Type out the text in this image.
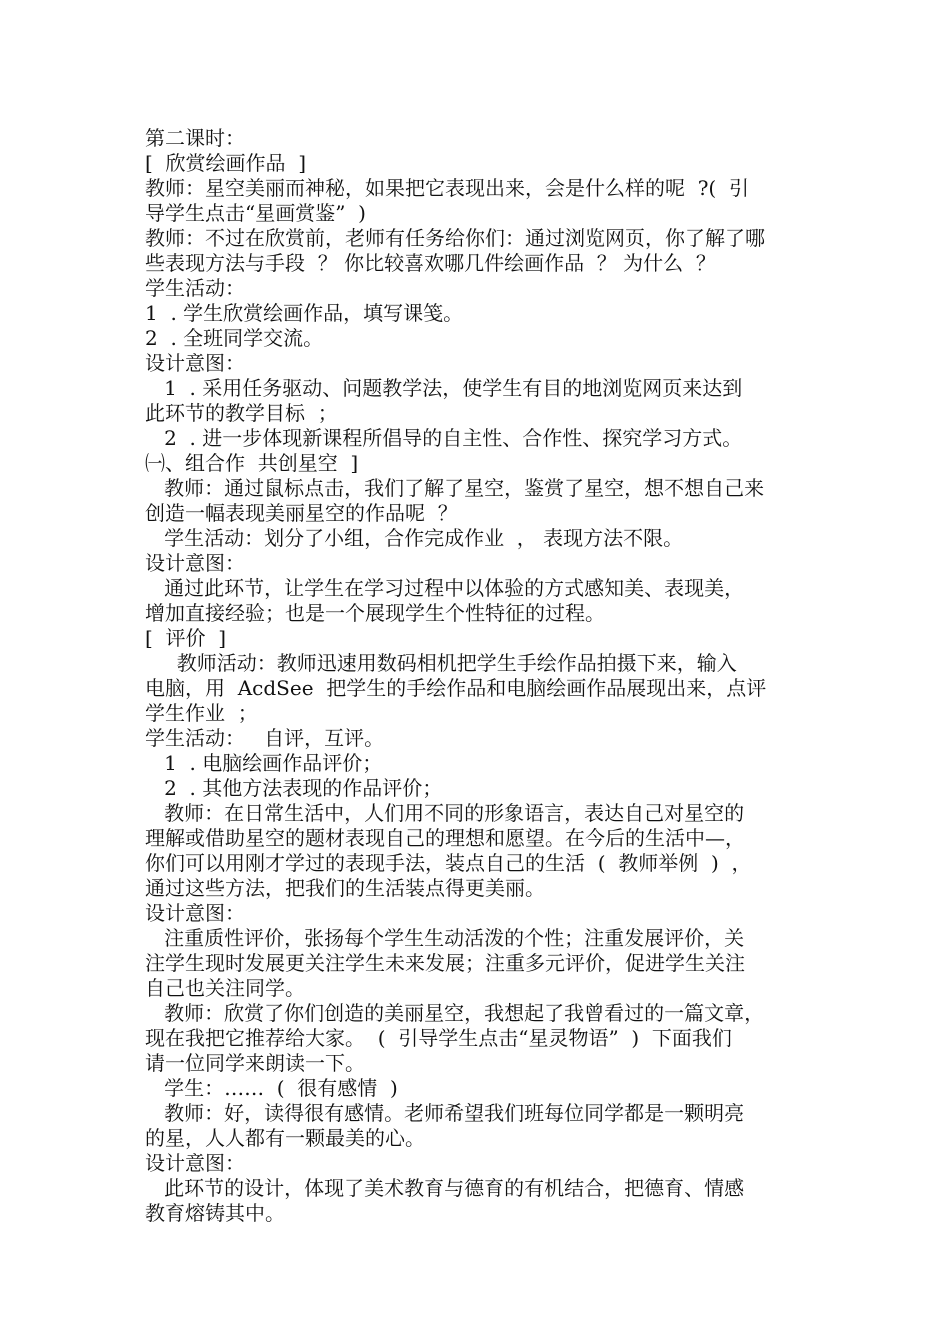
第二课时：
[  欣赏绘画作品  ]
教师：星空美丽而神秘，如果把它表现出来，会是什么样的呢  ?(  引
导学生点击“星画赏鉴”  )
教师：不过在欣赏前，老师有任务给你们：通过浏览网页，你了解了哪
些表现方法与手段  ？ 你比较喜欢哪几件绘画作品  ？ 为什么  ？
学生活动：
1  . 学生欣赏绘画作品，填写课笺。
2  . 全班同学交流。
设计意图：
1  . 采用任务驱动、问题教学法，使学生有目的地浏览网页来达到
此环节的教学目标  ；
2  . 进一步体现新课程所倡导的自主性、合作性、探究学习方式。
㈠、组合作  共创星空  ]
教师：通过鼠标点击，我们了解了星空，鉴赏了星空，想不想自己来
创造一幅表现美丽星空的作品呢  ？
学生活动：划分了小组，合作完成作业  ， 表现方法不限。
设计意图：
通过此环节，让学生在学习过程中以体验的方式感知美、表现美，
增加直接经验；也是一个展现学生个性特征的过程。
[  评价  ]
教师活动：教师迅速用数码相机把学生手绘作品拍摄下来，输入
电脑，用  AcdSee  把学生的手绘作品和电脑绘画作品展现出来，点评
学生作业  ；
学生活动：   自评，互评。
1  . 电脑绘画作品评价；
2  . 其他方法表现的作品评价；
教师：在日常生活中，人们用不同的形象语言，表达自己对星空的
理解或借助星空的题材表现自己的理想和愿望。在今后的生活中—，
你们可以用刚才学过的表现手法，装点自己的生活  (  教师举例  )  ，
通过这些方法，把我们的生活装点得更美丽。
设计意图：
注重质性评价，张扬每个学生生动活泼的个性；注重发展评价，关
注学生现时发展更关注学生未来发展；注重多元评价，促进学生关注
自己也关注同学。
教师：欣赏了你们创造的美丽星空，我想起了我曾看过的一篇文章，
现在我把它推荐给大家。  (  引导学生点击“星灵物语”  )  下面我们
请一位同学来朗读一下。
学生：……  (  很有感情  )
教师：好，读得很有感情。老师希望我们班每位同学都是一颗明亮
的星，人人都有一颗最美的心。
设计意图：
此环节的设计，体现了美术教育与德育的有机结合，把德育、情感
教育熔铸其中。
